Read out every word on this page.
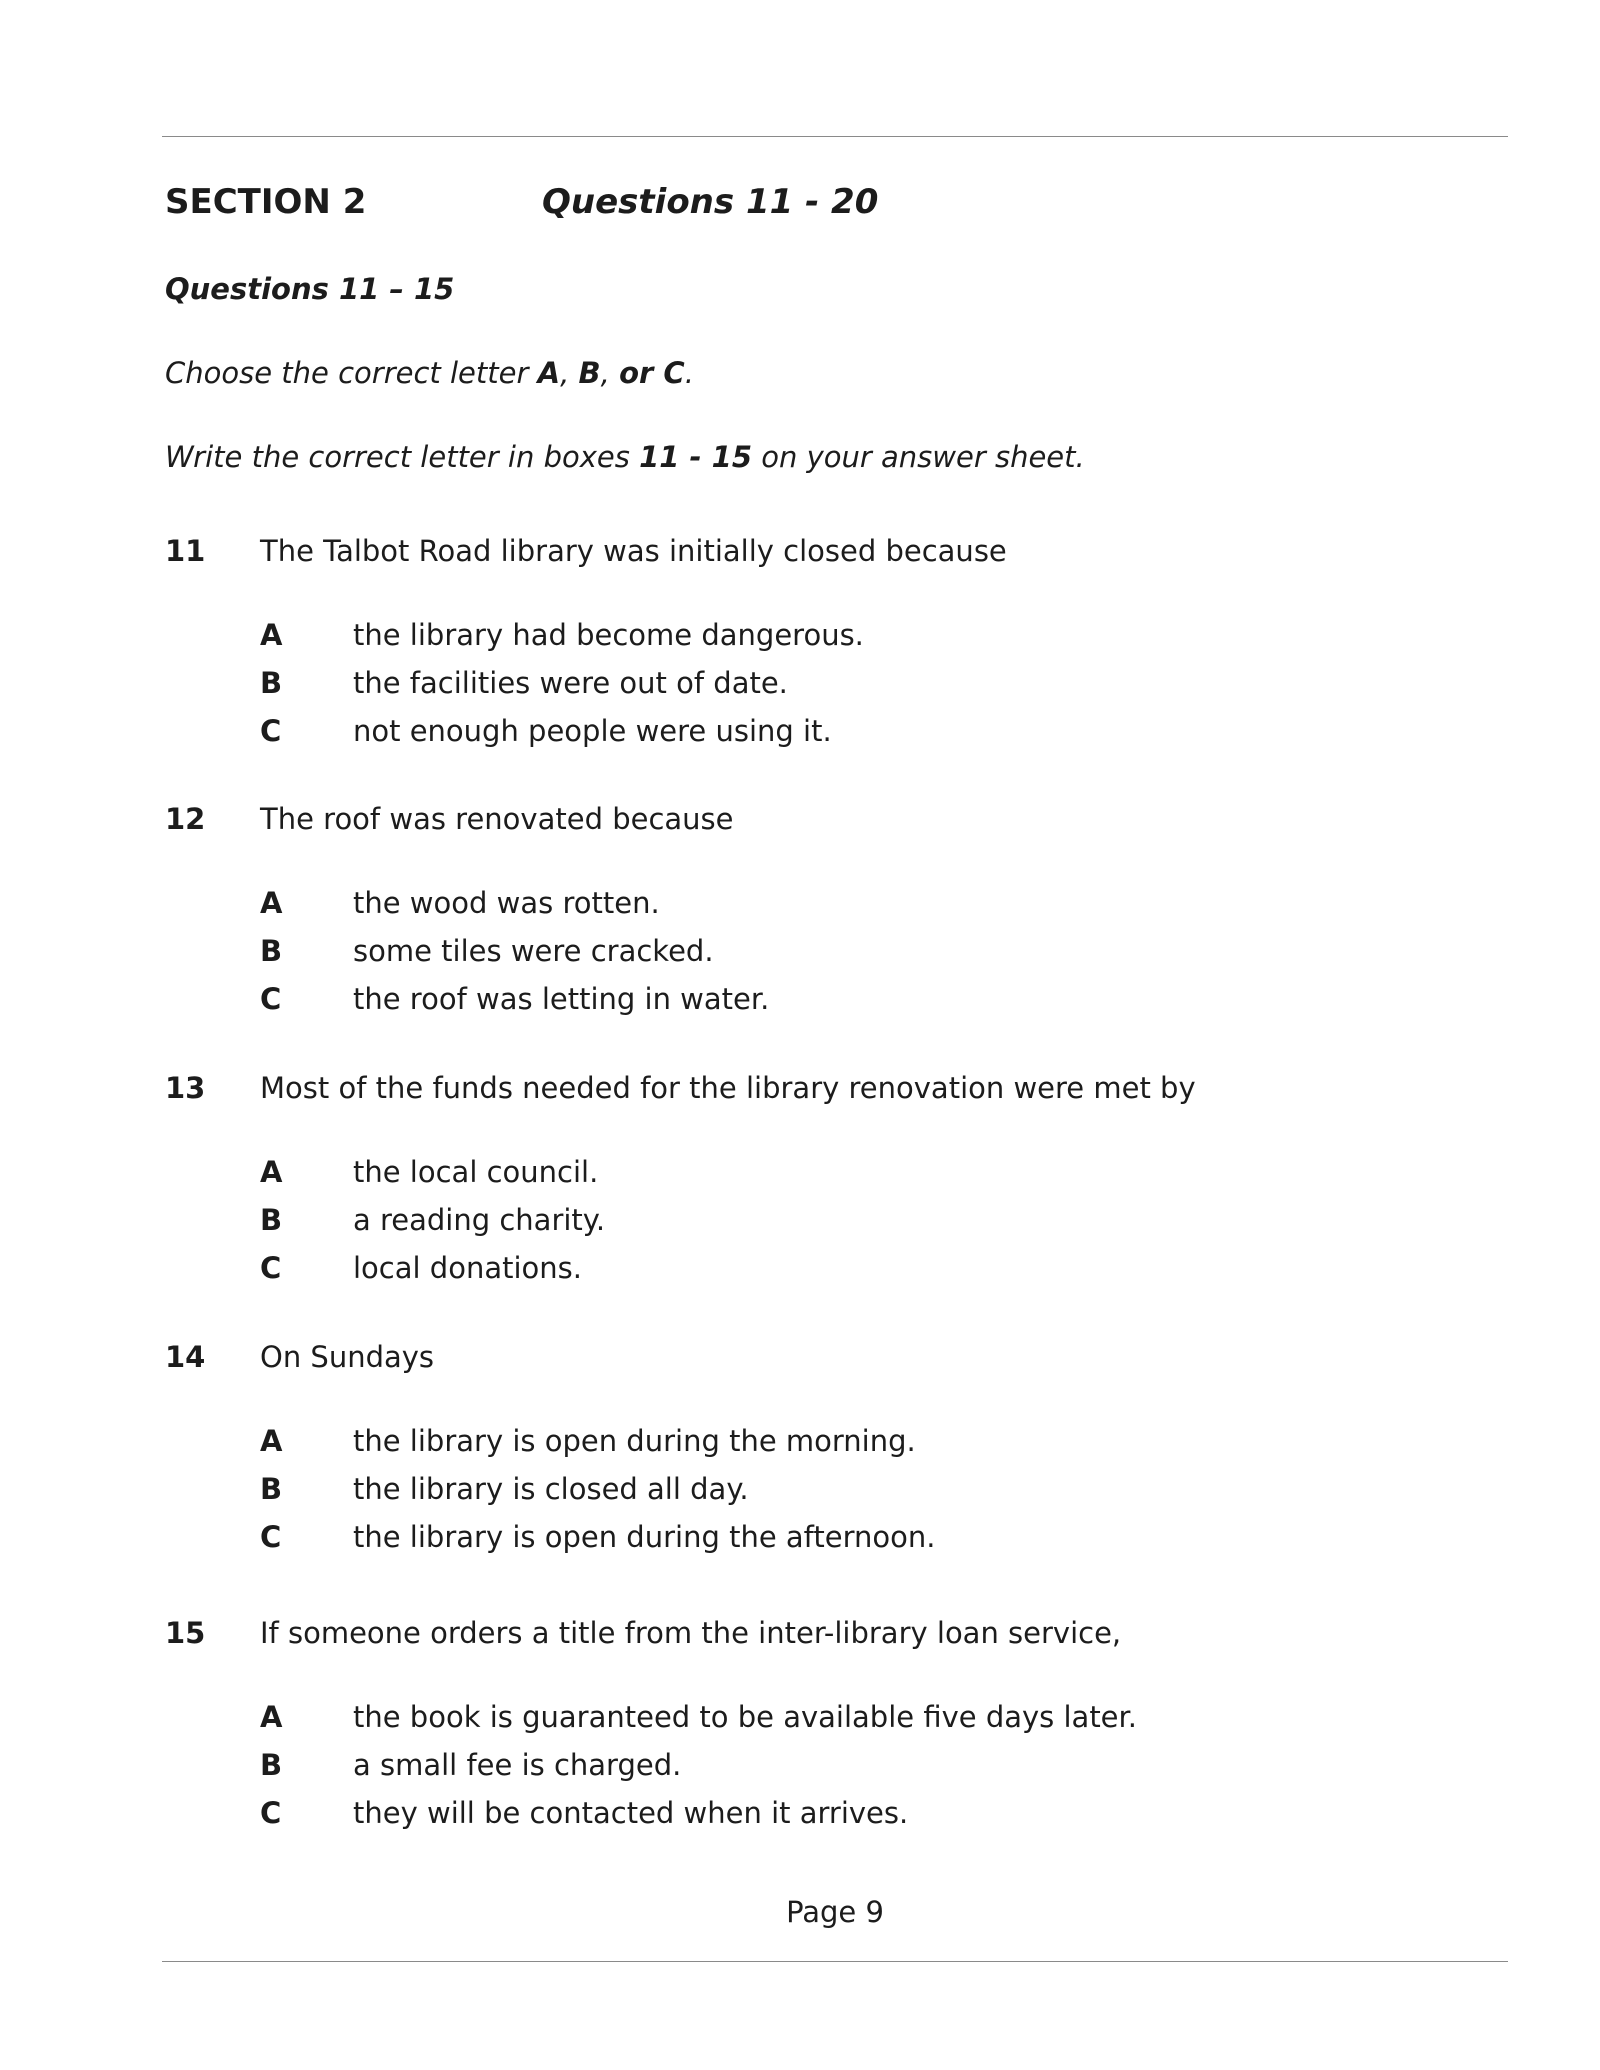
SECTION 2	Questions 11 - 20
Questions 11 – 15
Choose the correct letter A, B, or C.
Write the correct letter in boxes 11 - 15 on your answer sheet.
11 The Talbot Road library was initially closed because
A the library had become dangerous.
B the facilities were out of date.
C not enough people were using it.
12 The roof was renovated because
A the wood was rotten.
B some tiles were cracked.
C the roof was letting in water.
13 Most of the funds needed for the library renovation were met by
A the local council.
B a reading charity.
C local donations.
14 On Sundays
A the library is open during the morning.
B the library is closed all day.
C the library is open during the afternoon.
15 If someone orders a title from the inter-library loan service,
A the book is guaranteed to be available five days later.
B a small fee is charged.
C they will be contacted when it arrives.
Page 9
